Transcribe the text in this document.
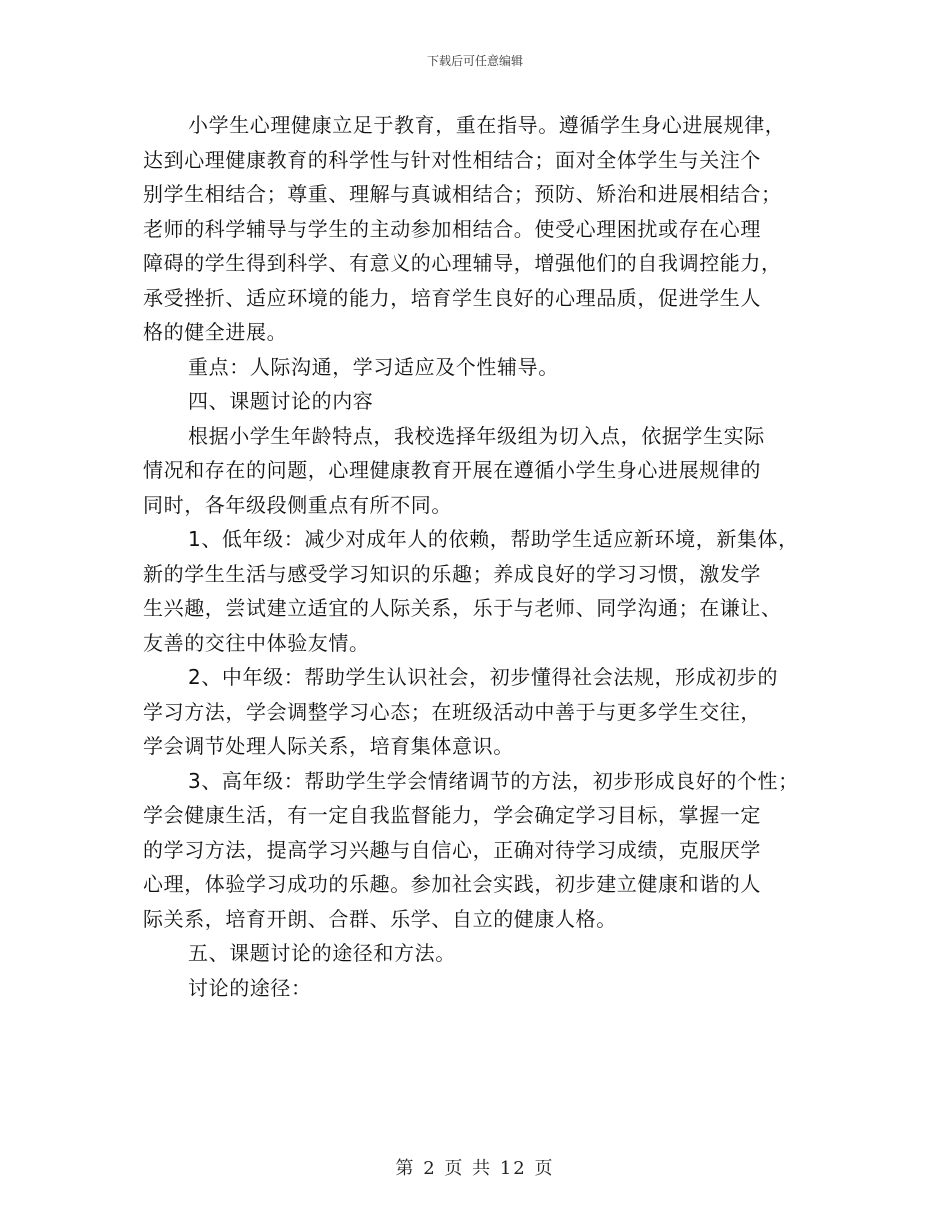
下载后可任意编辑
小学生心理健康立足于教育，重在指导。遵循学生身心进展规律，
达到心理健康教育的科学性与针对性相结合；面对全体学生与关注个
别学生相结合；尊重、理解与真诚相结合；预防、矫治和进展相结合；
老师的科学辅导与学生的主动参加相结合。使受心理困扰或存在心理
障碍的学生得到科学、有意义的心理辅导，增强他们的自我调控能力，
承受挫折、适应环境的能力，培育学生良好的心理品质，促进学生人
格的健全进展。
重点：人际沟通，学习适应及个性辅导。
四、课题讨论的内容
根据小学生年龄特点，我校选择年级组为切入点，依据学生实际
情况和存在的问题，心理健康教育开展在遵循小学生身心进展规律的
同时，各年级段侧重点有所不同。
1、低年级：减少对成年人的依赖，帮助学生适应新环境，新集体，
新的学生生活与感受学习知识的乐趣；养成良好的学习习惯，激发学
生兴趣，尝试建立适宜的人际关系，乐于与老师、同学沟通；在谦让、
友善的交往中体验友情。
2、中年级：帮助学生认识社会，初步懂得社会法规，形成初步的
学习方法，学会调整学习心态；在班级活动中善于与更多学生交往，
学会调节处理人际关系，培育集体意识。
3、高年级：帮助学生学会情绪调节的方法，初步形成良好的个性；
学会健康生活，有一定自我监督能力，学会确定学习目标，掌握一定
的学习方法，提高学习兴趣与自信心，正确对待学习成绩，克服厌学
心理，体验学习成功的乐趣。参加社会实践，初步建立健康和谐的人
际关系，培育开朗、合群、乐学、自立的健康人格。
五、课题讨论的途径和方法。
讨论的途径：
第 2 页 共 12 页
